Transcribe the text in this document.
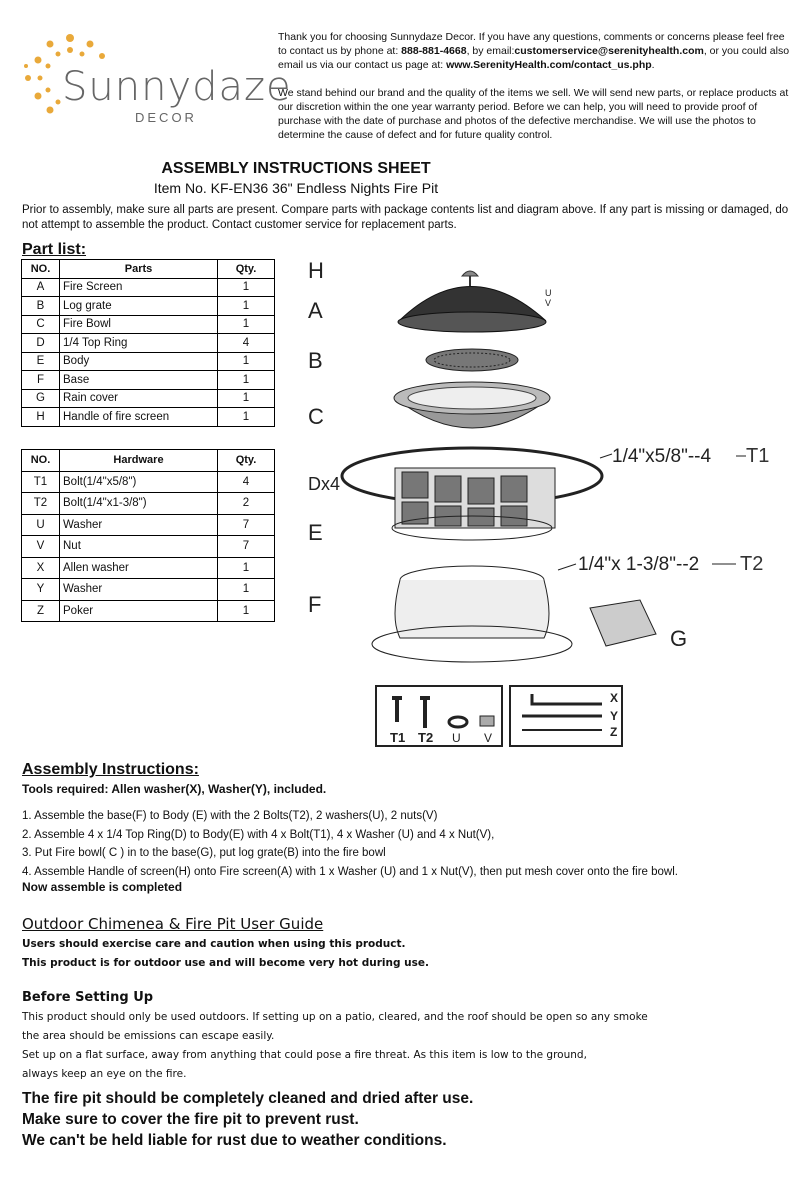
Sunnydaze
DECOR

Thank you for choosing Sunnydaze Decor. If you have any questions, comments or concerns please feel free to contact us by phone at: 888-881-4668, by email:customerservice@serenityhealth.com, or you could also email us via our contact us page at: www.SerenityHealth.com/contact_us.php.

We stand behind our brand and the quality of the items we sell. We will send new parts, or replace products at our discretion within the one year warranty period. Before we can help, you will need to provide proof of purchase with the date of purchase and photos of the defective merchandise. We will use the photos to determine the cause of defect and for future quality control.

ASSEMBLY INSTRUCTIONS SHEET
Item No. KF-EN36 36" Endless Nights Fire Pit
Prior to assembly, make sure all parts are present. Compare parts with package contents list and diagram above. If any part is missing or damaged, do not attempt to assemble the product. Contact customer service for replacement parts.
Part list:
NO.	Parts	Qty.
A	Fire Screen	1
B	Log grate	1
C	Fire Bowl	1
D	1/4 Top Ring	4
E	Body	1
F	Base	1
G	Rain cover	1
H	Handle of fire screen	1
NO.	Hardware	Qty.
T1	Bolt(1/4"x5/8")	4
T2	Bolt(1/4"x1-3/8")	2
U	Washer	7
V	Nut	7
X	Allen washer	1
Y	Washer	1
Z	Poker	1
H
A
B
C
Dx4
E
F
G
U
V
1/4"x5/8"--4 T1
1/4"x 1-3/8"--2 T2
T1 T2 U V
X
Y
Z
Assembly Instructions:
Tools required: Allen washer(X), Washer(Y), included.
1. Assemble the base(F) to Body (E) with the 2 Bolts(T2), 2 washers(U), 2 nuts(V)
2. Assemble 4 x 1/4 Top Ring(D) to Body(E) with 4 x Bolt(T1), 4 x Washer (U) and 4 x Nut(V),
3. Put Fire bowl( C ) in to the base(G), put log grate(B) into the fire bowl
4. Assemble Handle of screen(H) onto Fire screen(A) with 1 x Washer (U) and 1 x Nut(V), then put mesh cover onto the fire bowl.
Now assemble is completed
Outdoor Chimenea & Fire Pit User Guide
Users should exercise care and caution when using this product.
This product is for outdoor use and will become very hot during use.
Before Setting Up
This product should only be used outdoors. If setting up on a patio, cleared, and the roof should be open so any smoke
the area should be emissions can escape easily.
Set up on a flat surface, away from anything that could pose a fire threat. As this item is low to the ground,
always keep an eye on the fire.
The fire pit should be completely cleaned and dried after use.
Make sure to cover the fire pit to prevent rust.
We can't be held liable for rust due to weather conditions.
